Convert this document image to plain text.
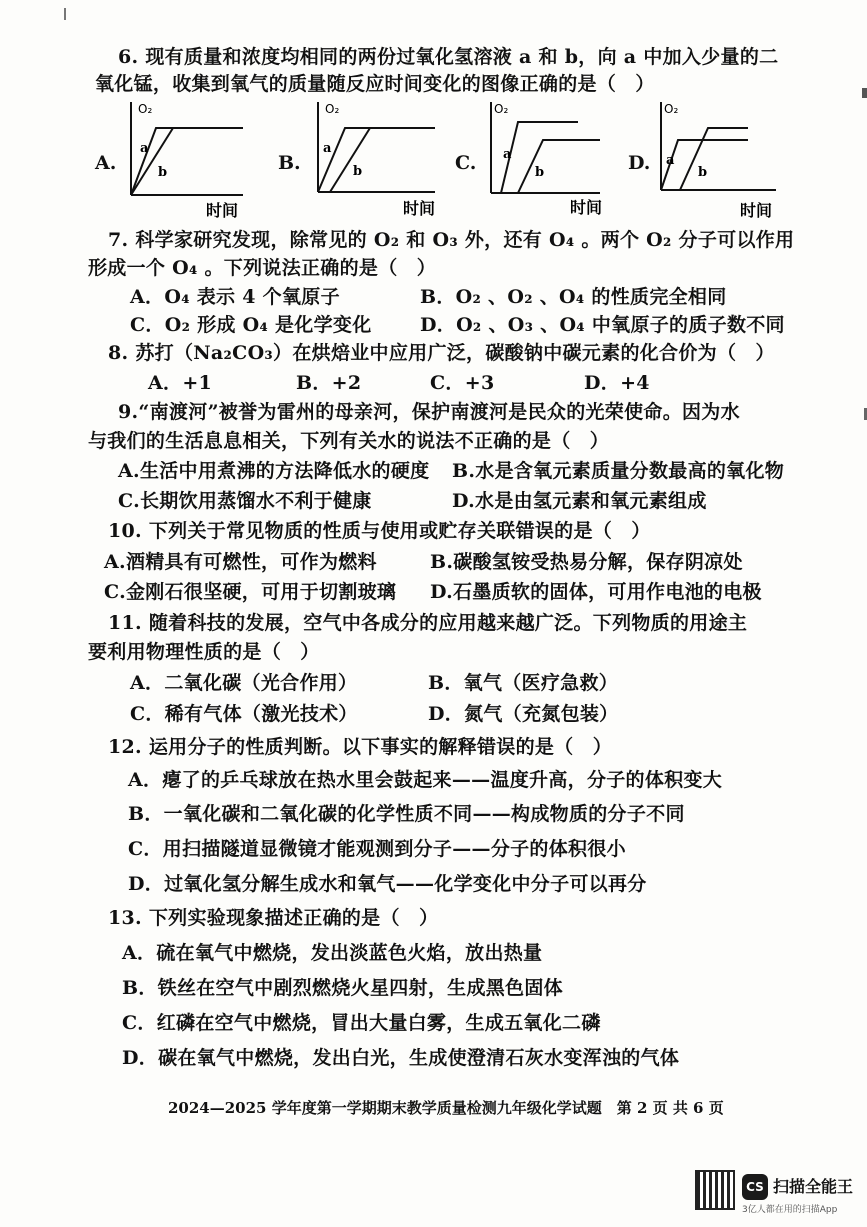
6. 现有质量和浓度均相同的两份过氧化氢溶液 a 和 b，向 a 中加入少量的二
氧化锰，收集到氧气的质量随反应时间变化的图像正确的是（　）
A.
O₂
a
b
时间
B.
O₂
a
b
时间
C.
O₂
a
b
时间
D.
O₂
a
b
时间
7. 科学家研究发现，除常见的 O₂ 和 O₃ 外，还有 O₄ 。两个 O₂ 分子可以作用
形成一个 O₄ 。下列说法正确的是（　）
A．O₄ 表示 4 个氧原子	B．O₂ 、O₂ 、O₄ 的性质完全相同
C．O₂ 形成 O₄ 是化学变化	D．O₂ 、O₃ 、O₄ 中氧原子的质子数不同
8. 苏打（Na₂CO₃）在烘焙业中应用广泛，碳酸钠中碳元素的化合价为（　）
A．+1	B．+2	C．+3	D．+4
9.“南渡河”被誉为雷州的母亲河，保护南渡河是民众的光荣使命。因为水
与我们的生活息息相关，下列有关水的说法不正确的是（　）
A.生活中用煮沸的方法降低水的硬度 B.水是含氧元素质量分数最高的氧化物
C.长期饮用蒸馏水不利于健康	D.水是由氢元素和氧元素组成
10. 下列关于常见物质的性质与使用或贮存关联错误的是（　）
A.酒精具有可燃性，可作为燃料	B.碳酸氢铵受热易分解，保存阴凉处
C.金刚石很坚硬，可用于切割玻璃 D.石墨质软的固体，可用作电池的电极
11. 随着科技的发展，空气中各成分的应用越来越广泛。下列物质的用途主
要利用物理性质的是（　）
A．二氧化碳（光合作用）	B．氧气（医疗急救）
C．稀有气体（激光技术）	D．氮气（充氮包装）
12. 运用分子的性质判断。以下事实的解释错误的是（　）
A．瘪了的乒乓球放在热水里会鼓起来——温度升高，分子的体积变大
B．一氧化碳和二氧化碳的化学性质不同——构成物质的分子不同
C．用扫描隧道显微镜才能观测到分子——分子的体积很小
D．过氧化氢分解生成水和氧气——化学变化中分子可以再分
13. 下列实验现象描述正确的是（　）
A．硫在氧气中燃烧，发出淡蓝色火焰，放出热量
B．铁丝在空气中剧烈燃烧火星四射，生成黑色固体
C．红磷在空气中燃烧，冒出大量白雾，生成五氧化二磷
D．碳在氧气中燃烧，发出白光，生成使澄清石灰水变浑浊的气体
2024—2025 学年度第一学期期末教学质量检测九年级化学试题　第 2 页 共 6 页
CS 扫描全能王
3亿人都在用的扫描App
